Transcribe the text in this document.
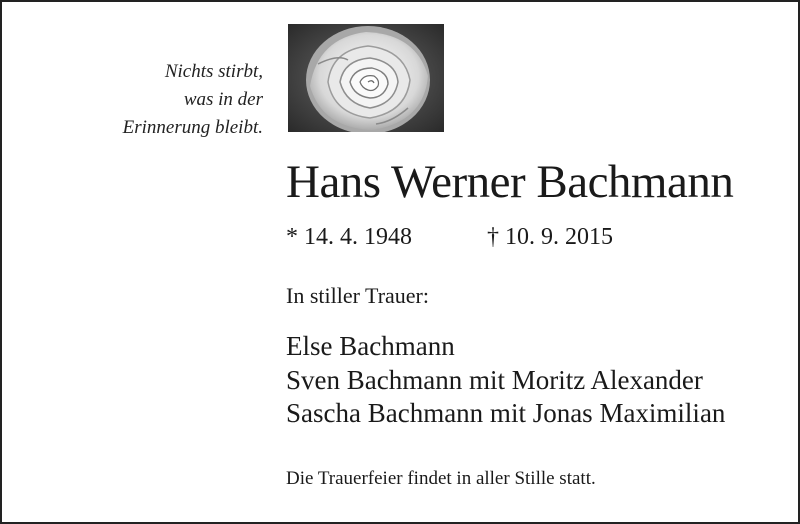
Nichts stirbt,
was in der
Erinnerung bleibt.
Hans Werner Bachmann
* 14. 4. 1948	† 10. 9. 2015
In stiller Trauer:
Else Bachmann
Sven Bachmann mit Moritz Alexander
Sascha Bachmann mit Jonas Maximilian
Die Trauerfeier findet in aller Stille statt.
